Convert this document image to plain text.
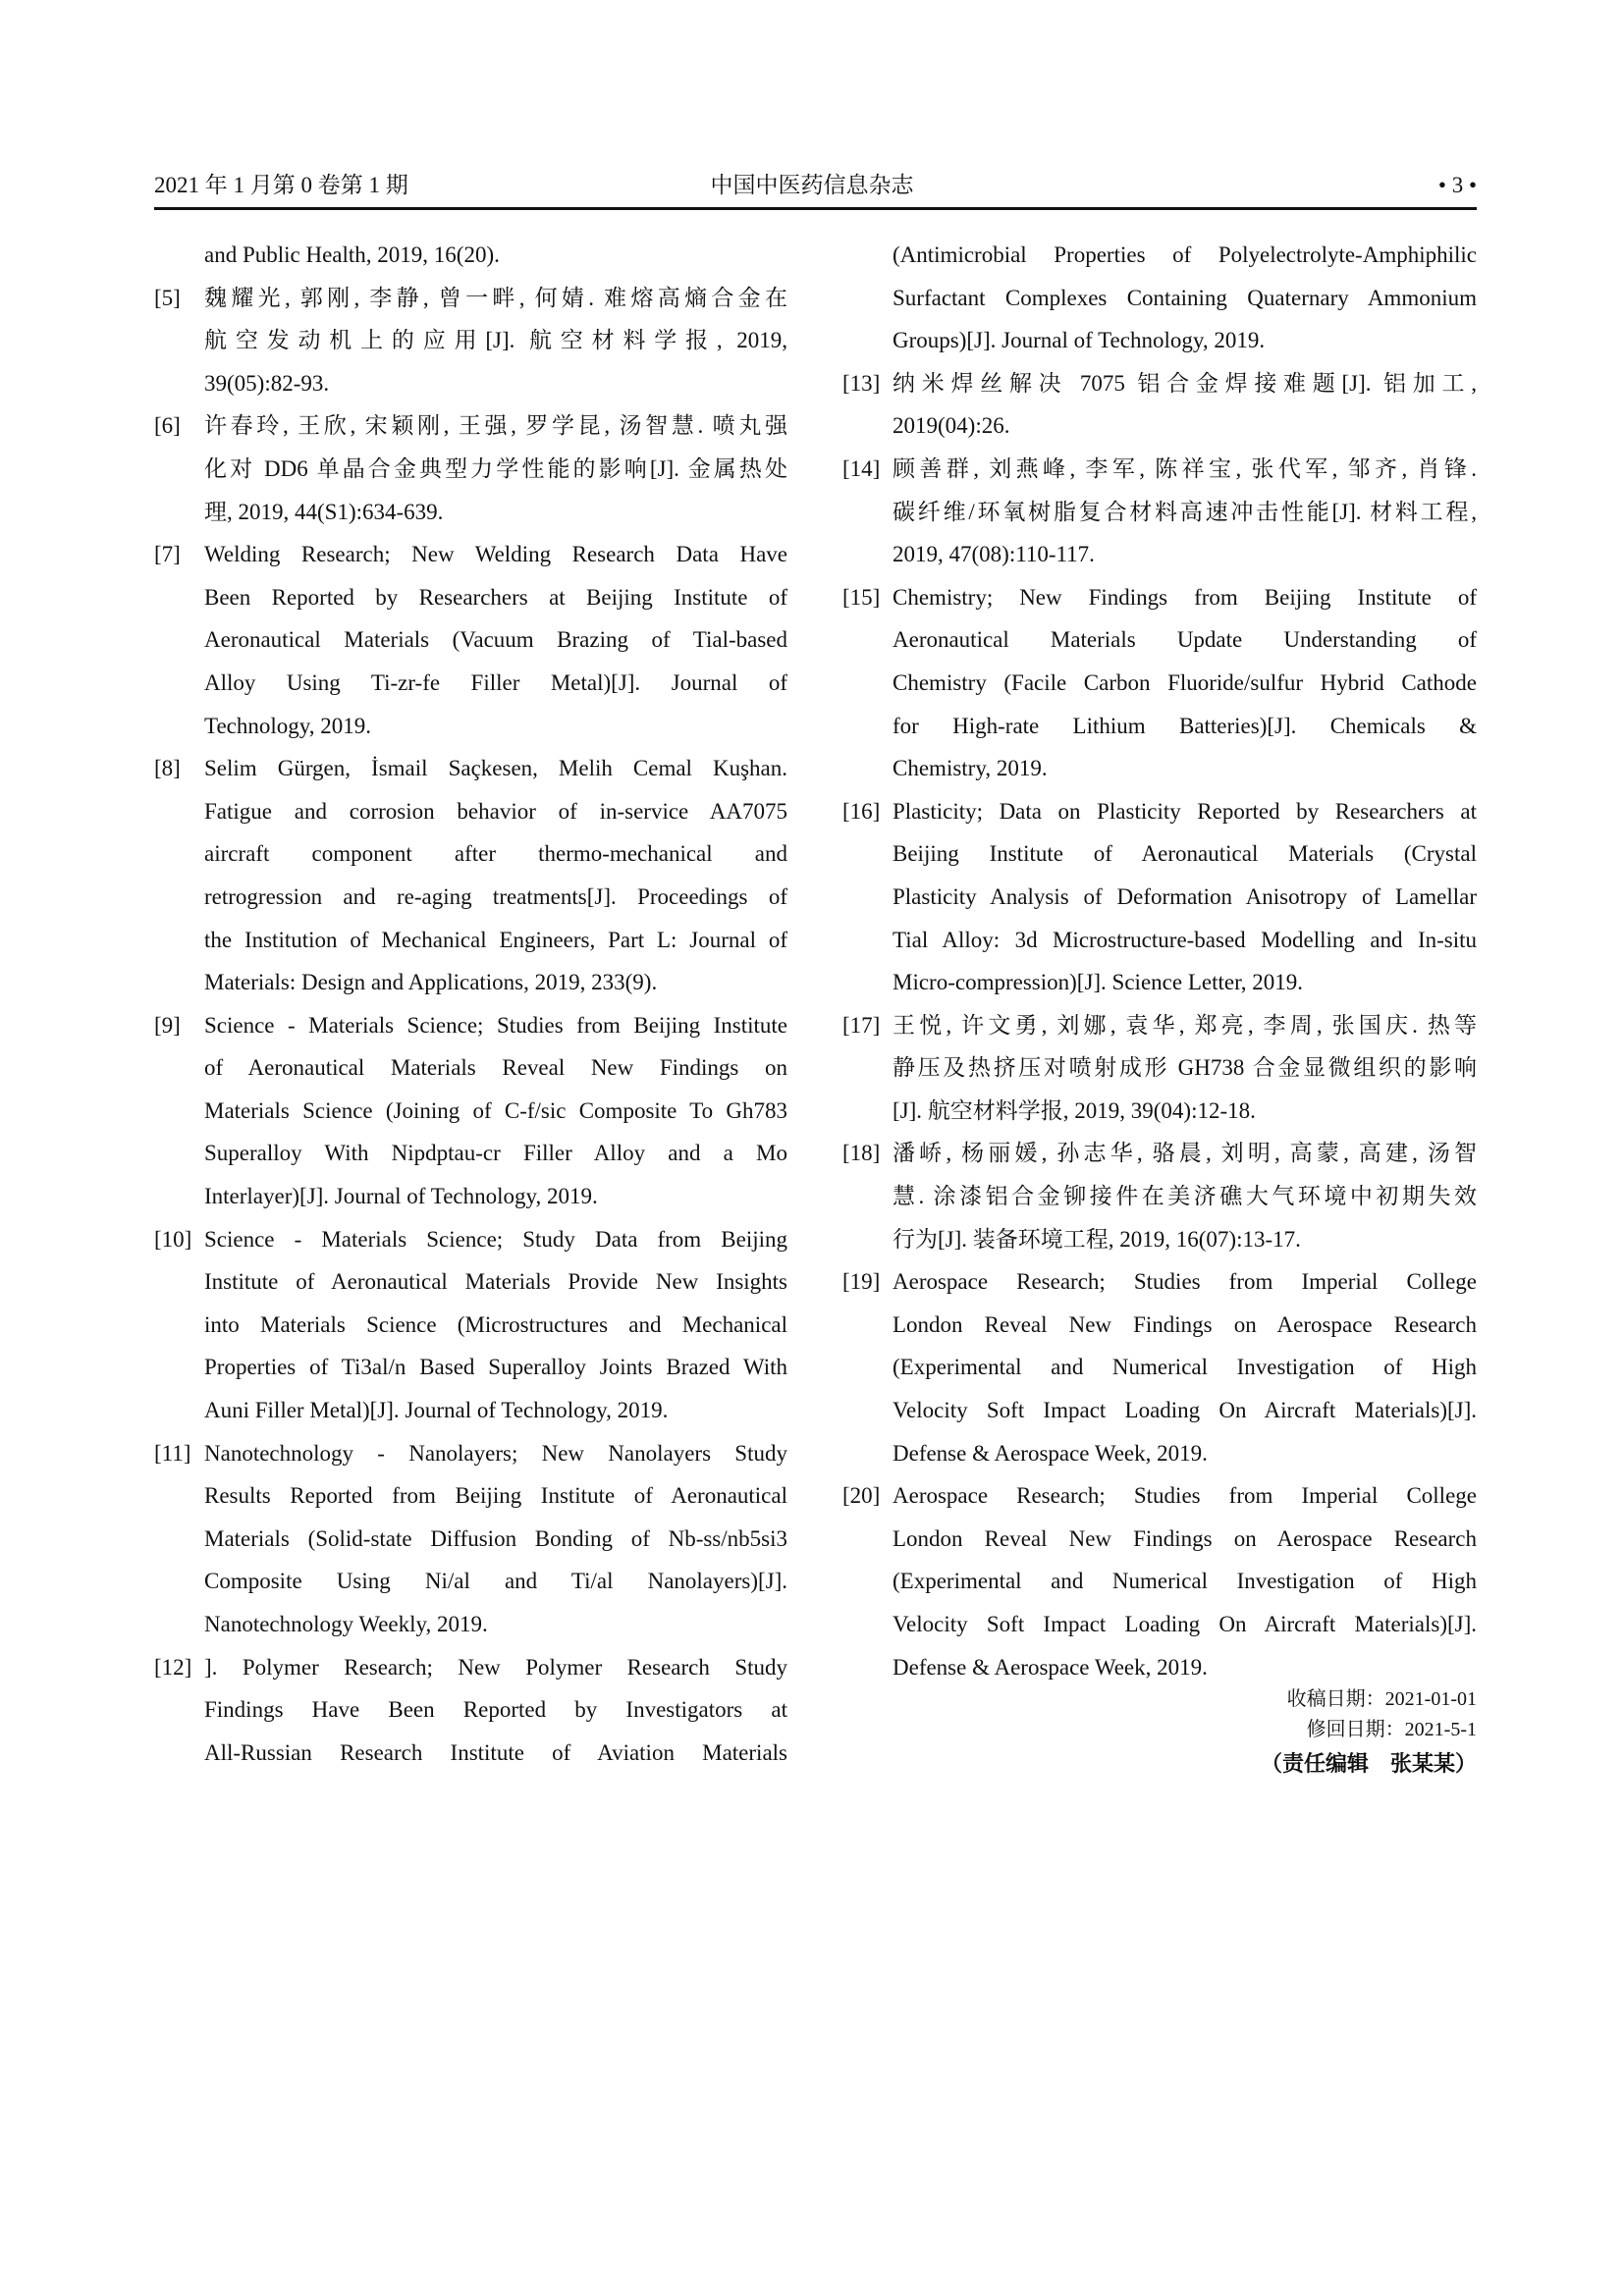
2021 年 1 月第 0 卷第 1 期	中国中医药信息杂志	• 3 •
and Public Health, 2019, 16(20).
[5] 魏耀光, 郭刚, 李静, 曾一畔, 何婧. 难熔高熵合金在
航空发动机上的应用[J]. 航空材料学报, 2019,
39(05):82-93.
[6] 许春玲, 王欣, 宋颖刚, 王强, 罗学昆, 汤智慧. 喷丸强
化对 DD6 单晶合金典型力学性能的影响[J]. 金属热处
理, 2019, 44(S1):634-639.
[7] Welding Research; New Welding Research Data Have
Been Reported by Researchers at Beijing Institute of
Aeronautical Materials (Vacuum Brazing of Tial-based
Alloy Using Ti-zr-fe Filler Metal)[J]. Journal of
Technology, 2019.
[8] Selim Gürgen, İsmail Saçkesen, Melih Cemal Kuşhan.
Fatigue and corrosion behavior of in-service AA7075
aircraft component after thermo-mechanical and
retrogression and re-aging treatments[J]. Proceedings of
the Institution of Mechanical Engineers, Part L: Journal of
Materials: Design and Applications, 2019, 233(9).
[9] Science - Materials Science; Studies from Beijing Institute
of Aeronautical Materials Reveal New Findings on
Materials Science (Joining of C-f/sic Composite To Gh783
Superalloy With Nipdptau-cr Filler Alloy and a Mo
Interlayer)[J]. Journal of Technology, 2019.
[10] Science - Materials Science; Study Data from Beijing
Institute of Aeronautical Materials Provide New Insights
into Materials Science (Microstructures and Mechanical
Properties of Ti3al/n Based Superalloy Joints Brazed With
Auni Filler Metal)[J]. Journal of Technology, 2019.
[11] Nanotechnology - Nanolayers; New Nanolayers Study
Results Reported from Beijing Institute of Aeronautical
Materials (Solid-state Diffusion Bonding of Nb-ss/nb5si3
Composite Using Ni/al and Ti/al Nanolayers)[J].
Nanotechnology Weekly, 2019.
[12] ]. Polymer Research; New Polymer Research Study
Findings Have Been Reported by Investigators at
All-Russian Research Institute of Aviation Materials
(Antimicrobial Properties of Polyelectrolyte-Amphiphilic
Surfactant Complexes Containing Quaternary Ammonium
Groups)[J]. Journal of Technology, 2019.
[13] 纳米焊丝解决 7075 铝合金焊接难题[J]. 铝加工,
2019(04):26.
[14] 顾善群, 刘燕峰, 李军, 陈祥宝, 张代军, 邹齐, 肖锋.
碳纤维/环氧树脂复合材料高速冲击性能[J]. 材料工程,
2019, 47(08):110-117.
[15] Chemistry; New Findings from Beijing Institute of
Aeronautical Materials Update Understanding of
Chemistry (Facile Carbon Fluoride/sulfur Hybrid Cathode
for High-rate Lithium Batteries)[J]. Chemicals &
Chemistry, 2019.
[16] Plasticity; Data on Plasticity Reported by Researchers at
Beijing Institute of Aeronautical Materials (Crystal
Plasticity Analysis of Deformation Anisotropy of Lamellar
Tial Alloy: 3d Microstructure-based Modelling and In-situ
Micro-compression)[J]. Science Letter, 2019.
[17] 王悦, 许文勇, 刘娜, 袁华, 郑亮, 李周, 张国庆. 热等
静压及热挤压对喷射成形 GH738 合金显微组织的影响
[J]. 航空材料学报, 2019, 39(04):12-18.
[18] 潘峤, 杨丽媛, 孙志华, 骆晨, 刘明, 高蒙, 高建, 汤智
慧. 涂漆铝合金铆接件在美济礁大气环境中初期失效
行为[J]. 装备环境工程, 2019, 16(07):13-17.
[19] Aerospace Research; Studies from Imperial College
London Reveal New Findings on Aerospace Research
(Experimental and Numerical Investigation of High
Velocity Soft Impact Loading On Aircraft Materials)[J].
Defense & Aerospace Week, 2019.
[20] Aerospace Research; Studies from Imperial College
London Reveal New Findings on Aerospace Research
(Experimental and Numerical Investigation of High
Velocity Soft Impact Loading On Aircraft Materials)[J].
Defense & Aerospace Week, 2019.
收稿日期：2021-01-01
修回日期：2021-5-1
（责任编辑　张某某）
